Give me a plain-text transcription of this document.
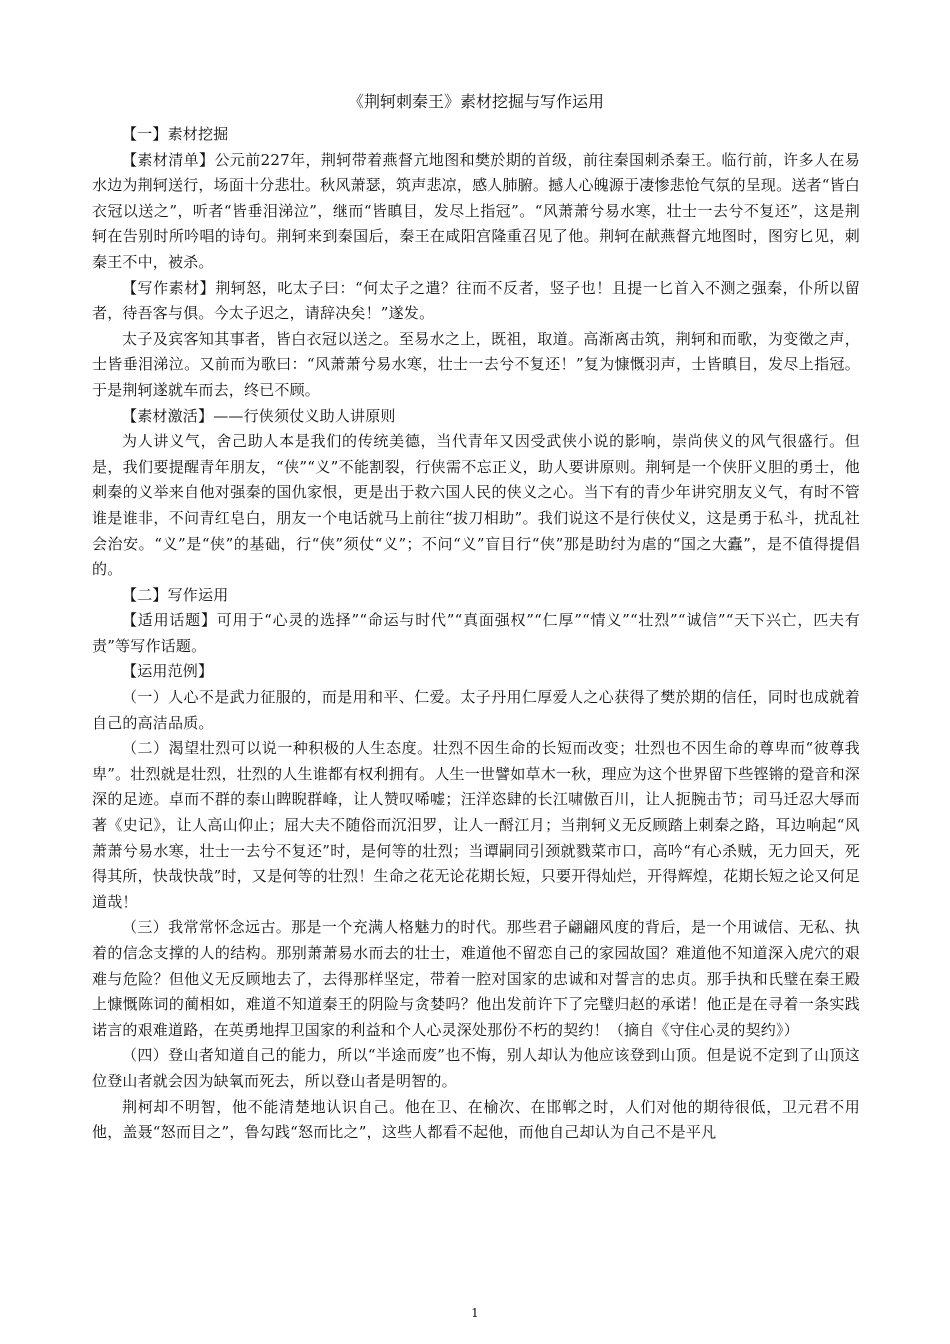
《荆轲刺秦王》素材挖掘与写作运用

【一】素材挖掘

【素材清单】公元前227年，荆轲带着燕督亢地图和樊於期的首级，前往秦国刺杀秦王。临行前，许多人在易水边为荆轲送行，场面十分悲壮。秋风萧瑟，筑声悲凉，感人肺腑。撼人心魄源于凄惨悲怆气氛的呈现。送者“皆白衣冠以送之”，听者“皆垂泪涕泣”，继而“皆瞋目，发尽上指冠”。“风萧萧兮易水寒，壮士一去兮不复还”，这是荆轲在告别时所吟唱的诗句。荆轲来到秦国后，秦王在咸阳宫隆重召见了他。荆轲在献燕督亢地图时，图穷匕见，刺秦王不中，被杀。

【写作素材】荆轲怒，叱太子曰：“何太子之遣？往而不反者，竖子也！且提一匕首入不测之强秦，仆所以留者，待吾客与俱。今太子迟之，请辞决矣！”遂发。

太子及宾客知其事者，皆白衣冠以送之。至易水之上，既祖，取道。高渐离击筑，荆轲和而歌，为变徵之声，士皆垂泪涕泣。又前而为歌曰：“风萧萧兮易水寒，壮士一去兮不复还！”复为慷慨羽声，士皆瞋目，发尽上指冠。于是荆轲遂就车而去，终已不顾。

【素材激活】——行侠须仗义助人讲原则

为人讲义气，舍己助人本是我们的传统美德，当代青年又因受武侠小说的影响，崇尚侠义的风气很盛行。但是，我们要提醒青年朋友，“侠”“义”不能割裂，行侠需不忘正义，助人要讲原则。荆轲是一个侠肝义胆的勇士，他刺秦的义举来自他对强秦的国仇家恨，更是出于救六国人民的侠义之心。当下有的青少年讲究朋友义气，有时不管谁是谁非，不问青红皂白，朋友一个电话就马上前往“拔刀相助”。我们说这不是行侠仗义，这是勇于私斗，扰乱社会治安。“义”是“侠”的基础，行“侠”须仗“义”；不问“义”盲目行“侠”那是助纣为虐的“国之大蠹”，是不值得提倡的。

【二】写作运用

【适用话题】可用于“心灵的选择”“命运与时代”“真面强权”“仁厚”“情义”“壮烈”“诚信”“天下兴亡，匹夫有责”等写作话题。

【运用范例】

（一）人心不是武力征服的，而是用和平、仁爱。太子丹用仁厚爱人之心获得了樊於期的信任，同时也成就着自己的高洁品质。

（二）渴望壮烈可以说一种积极的人生态度。壮烈不因生命的长短而改变；壮烈也不因生命的尊卑而“彼尊我卑”。壮烈就是壮烈，壮烈的人生谁都有权利拥有。人生一世譬如草木一秋，理应为这个世界留下些铿锵的跫音和深深的足迹。卓而不群的泰山睥睨群峰，让人赞叹唏嘘；汪洋恣肆的长江啸傲百川，让人扼腕击节；司马迁忍大辱而著《史记》，让人高山仰止；屈大夫不随俗而沉汨罗，让人一酹江月；当荆轲义无反顾踏上刺秦之路，耳边响起“风萧萧兮易水寒，壮士一去兮不复还”时，是何等的壮烈；当谭嗣同引颈就戮菜市口，高吟“有心杀贼，无力回天，死得其所，快哉快哉”时，又是何等的壮烈！生命之花无论花期长短，只要开得灿烂，开得辉煌，花期长短之论又何足道哉！

（三）我常常怀念远古。那是一个充满人格魅力的时代。那些君子翩翩风度的背后，是一个用诚信、无私、执着的信念支撑的人的结构。那别萧萧易水而去的壮士，难道他不留恋自己的家园故国？难道他不知道深入虎穴的艰难与危险？但他义无反顾地去了，去得那样坚定，带着一腔对国家的忠诚和对誓言的忠贞。那手执和氏璧在秦王殿上慷慨陈词的蔺相如，难道不知道秦王的阴险与贪婪吗？他出发前许下了完璧归赵的承诺！他正是在寻着一条实践诺言的艰难道路，在英勇地捍卫国家的利益和个人心灵深处那份不朽的契约！（摘自《守住心灵的契约》）

（四）登山者知道自己的能力，所以“半途而废”也不悔，别人却认为他应该登到山顶。但是说不定到了山顶这位登山者就会因为缺氧而死去，所以登山者是明智的。

荆柯却不明智，他不能清楚地认识自己。他在卫、在榆次、在邯郸之时，人们对他的期待很低，卫元君不用他，盖聂“怒而目之”，鲁勾践“怒而比之”，这些人都看不起他，而他自己却认为自己不是平凡

1
